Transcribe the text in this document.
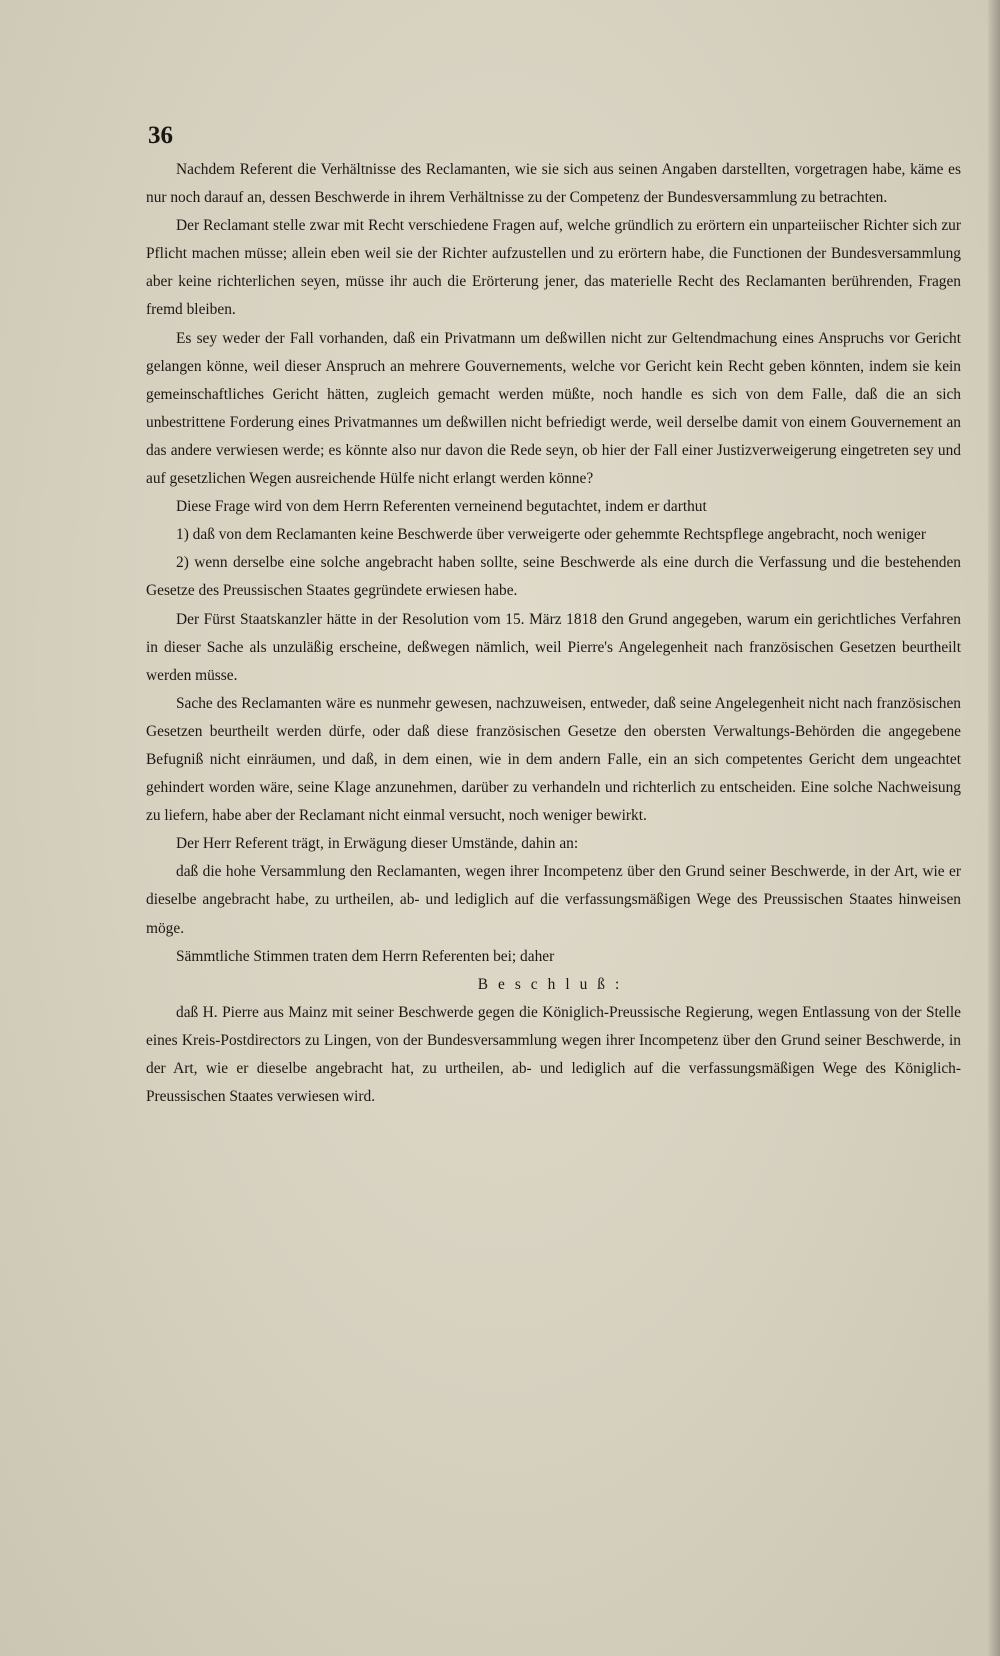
36

Nachdem Referent die Verhältnisse des Reclamanten, wie sie sich aus seinen Angaben darstellten, vorgetragen habe, käme es nur noch darauf an, dessen Beschwerde in ihrem Verhältnisse zu der Competenz der Bundesversammlung zu betrachten.

Der Reclamant stelle zwar mit Recht verschiedene Fragen auf, welche gründlich zu erörtern ein unparteiischer Richter sich zur Pflicht machen müsse; allein eben weil sie der Richter aufzustellen und zu erörtern habe, die Functionen der Bundesversammlung aber keine richterlichen seyen, müsse ihr auch die Erörterung jener, das materielle Recht des Reclamanten berührenden, Fragen fremd bleiben.

Es sey weder der Fall vorhanden, daß ein Privatmann um deßwillen nicht zur Geltendmachung eines Anspruchs vor Gericht gelangen könne, weil dieser Anspruch an mehrere Gouvernements, welche vor Gericht kein Recht geben könnten, indem sie kein gemeinschaftliches Gericht hätten, zugleich gemacht werden müßte, noch handle es sich von dem Falle, daß die an sich unbestrittene Forderung eines Privatmannes um deßwillen nicht befriedigt werde, weil derselbe damit von einem Gouvernement an das andere verwiesen werde; es könnte also nur davon die Rede seyn, ob hier der Fall einer Justizverweigerung eingetreten sey und auf gesetzlichen Wegen ausreichende Hülfe nicht erlangt werden könne?

Diese Frage wird von dem Herrn Referenten verneinend begutachtet, indem er darthut

1) daß von dem Reclamanten keine Beschwerde über verweigerte oder gehemmte Rechtspflege angebracht, noch weniger

2) wenn derselbe eine solche angebracht haben sollte, seine Beschwerde als eine durch die Verfassung und die bestehenden Gesetze des Preussischen Staates gegründete erwiesen habe.

Der Fürst Staatskanzler hätte in der Resolution vom 15. März 1818 den Grund angegeben, warum ein gerichtliches Verfahren in dieser Sache als unzuläßig erscheine, deßwegen nämlich, weil Pierre's Angelegenheit nach französischen Gesetzen beurtheilt werden müsse.

Sache des Reclamanten wäre es nunmehr gewesen, nachzuweisen, entweder, daß seine Angelegenheit nicht nach französischen Gesetzen beurtheilt werden dürfe, oder daß diese französischen Gesetze den obersten Verwaltungs-Behörden die angegebene Befugniß nicht einräumen, und daß, in dem einen, wie in dem andern Falle, ein an sich competentes Gericht dem ungeachtet gehindert worden wäre, seine Klage anzunehmen, darüber zu verhandeln und richterlich zu entscheiden. Eine solche Nachweisung zu liefern, habe aber der Reclamant nicht einmal versucht, noch weniger bewirkt.

Der Herr Referent trägt, in Erwägung dieser Umstände, dahin an:

daß die hohe Versammlung den Reclamanten, wegen ihrer Incompetenz über den Grund seiner Beschwerde, in der Art, wie er dieselbe angebracht habe, zu urtheilen, ab- und lediglich auf die verfassungsmäßigen Wege des Preussischen Staates hinweisen möge.

Sämmtliche Stimmen traten dem Herrn Referenten bei; daher

Beschluß:

daß H. Pierre aus Mainz mit seiner Beschwerde gegen die Königlich-Preussische Regierung, wegen Entlassung von der Stelle eines Kreis-Postdirectors zu Lingen, von der Bundesversammlung wegen ihrer Incompetenz über den Grund seiner Beschwerde, in der Art, wie er dieselbe angebracht hat, zu urtheilen, ab- und lediglich auf die verfassungsmäßigen Wege des Königlich-Preussischen Staates verwiesen wird.
